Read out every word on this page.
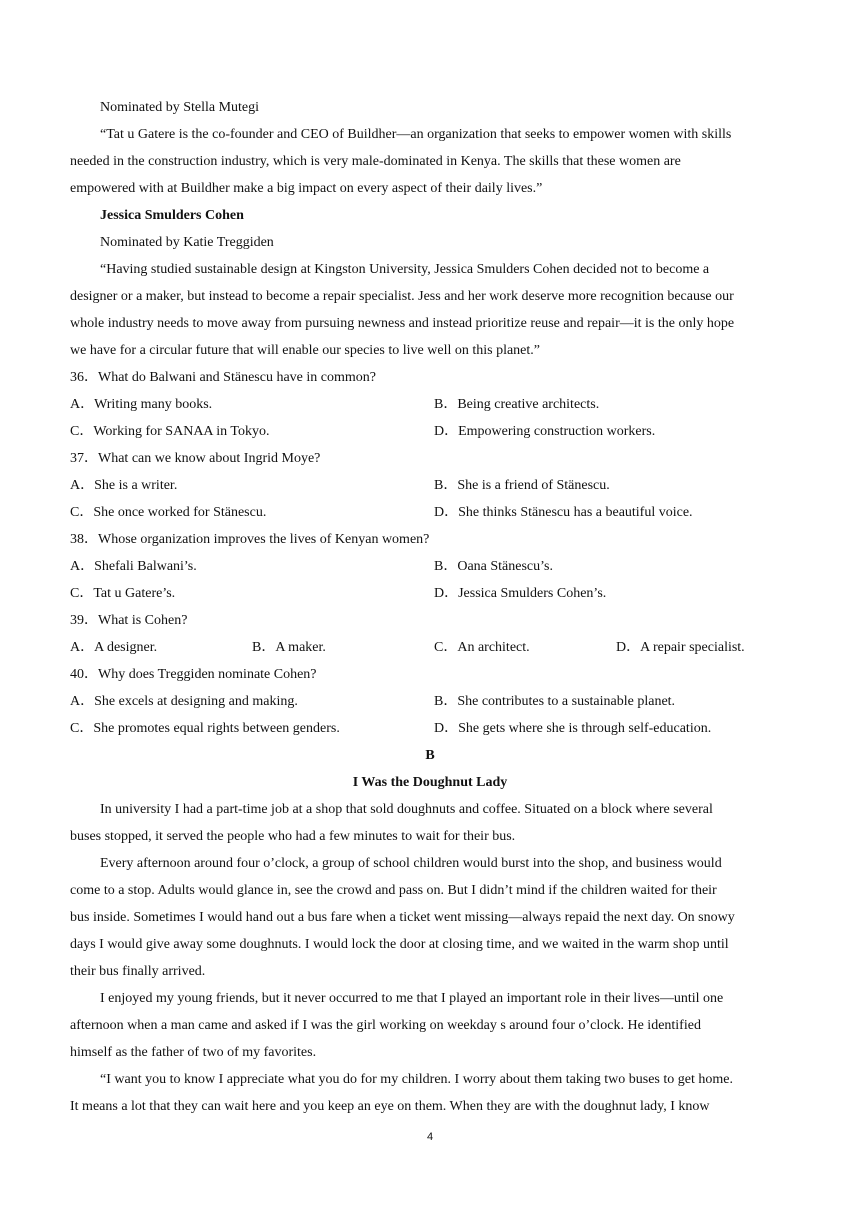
Nominated by Stella Mutegi
“Tat u Gatere is the co-founder and CEO of Buildher—an organization that seeks to empower women with skills
needed in the construction industry, which is very male-dominated in Kenya. The skills that these women are
empowered with at Buildher make a big impact on every aspect of their daily lives.”
Jessica Smulders Cohen
Nominated by Katie Treggiden
“Having studied sustainable design at Kingston University, Jessica Smulders Cohen decided not to become a
designer or a maker, but instead to become a repair specialist. Jess and her work deserve more recognition because our
whole industry needs to move away from pursuing newness and instead prioritize reuse and repair—it is the only hope
we have for a circular future that will enable our species to live well on this planet.”
36．What do Balwani and Stänescu have in common?
A．Writing many books.	B．Being creative architects.
C．Working for SANAA in Tokyo.	D．Empowering construction workers.
37．What can we know about Ingrid Moye?
A．She is a writer.	B．She is a friend of Stänescu.
C．She once worked for Stänescu.	D．She thinks Stänescu has a beautiful voice.
38．Whose organization improves the lives of Kenyan women?
A．Shefali Balwani’s.	B．Oana Stänescu’s.
C．Tat u Gatere’s.	D．Jessica Smulders Cohen’s.
39．What is Cohen?
A．A designer.	B．A maker.	C．An architect.	D．A repair specialist.
40．Why does Treggiden nominate Cohen?
A．She excels at designing and making.	B．She contributes to a sustainable planet.
C．She promotes equal rights between genders.	D．She gets where she is through self-education.
B
I Was the Doughnut Lady
In university I had a part-time job at a shop that sold doughnuts and coffee. Situated on a block where several
buses stopped, it served the people who had a few minutes to wait for their bus.
Every afternoon around four o’clock, a group of school children would burst into the shop, and business would
come to a stop. Adults would glance in, see the crowd and pass on. But I didn’t mind if the children waited for their
bus inside. Sometimes I would hand out a bus fare when a ticket went missing—always repaid the next day. On snowy
days I would give away some doughnuts. I would lock the door at closing time, and we waited in the warm shop until
their bus finally arrived.
I enjoyed my young friends, but it never occurred to me that I played an important role in their lives—until one
afternoon when a man came and asked if I was the girl working on weekday s around four o’clock. He identified
himself as the father of two of my favorites.
“I want you to know I appreciate what you do for my children. I worry about them taking two buses to get home.
It means a lot that they can wait here and you keep an eye on them. When they are with the doughnut lady, I know
4
